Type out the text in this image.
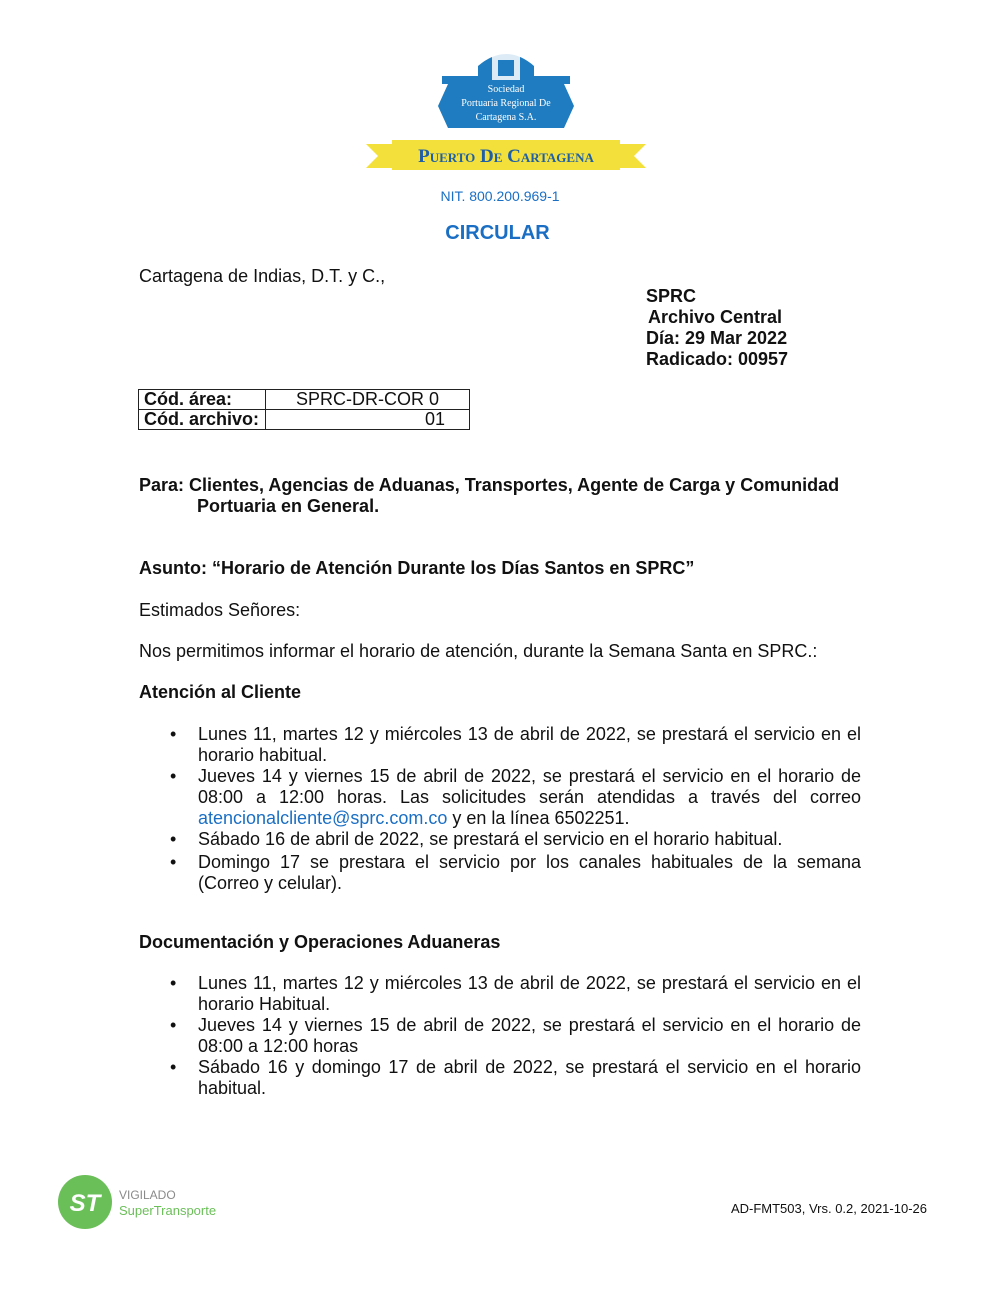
Sociedad
Portuaria Regional De
Cartagena S.A.
Puerto De Cartagena
NIT. 800.200.969-1
CIRCULAR
Cartagena de Indias, D.T. y C.,
SPRC
Archivo Central
Día: 29 Mar 2022
Radicado: 00957
Cód. área:	SPRC-DR-COR 0
Cód. archivo:	01
Para: Clientes, Agencias de Aduanas, Transportes, Agente de Carga y Comunidad
Portuaria en General.
Asunto: “Horario de Atención Durante los Días Santos en SPRC”
Estimados Señores:
Nos permitimos informar el horario de atención, durante la Semana Santa en SPRC.:
Atención al Cliente
• Lunes 11, martes 12 y miércoles 13 de abril de 2022, se prestará el servicio en el horario habitual.
• Jueves 14 y viernes 15 de abril de 2022, se prestará el servicio en el horario de 08:00 a 12:00 horas. Las solicitudes serán atendidas a través del correo atencionalcliente@sprc.com.co y en la línea 6502251.
• Sábado 16 de abril de 2022, se prestará el servicio en el horario habitual.
• Domingo 17 se prestara el servicio por los canales habituales de la semana (Correo y celular).
Documentación y Operaciones Aduaneras
• Lunes 11, martes 12 y miércoles 13 de abril de 2022, se prestará el servicio en el horario Habitual.
• Jueves 14 y viernes 15 de abril de 2022, se prestará el servicio en el horario de 08:00 a 12:00 horas
• Sábado 16 y domingo 17 de abril de 2022, se prestará el servicio en el horario habitual.
ST VIGILADO
SuperTransporte	AD-FMT503, Vrs. 0.2, 2021-10-26
